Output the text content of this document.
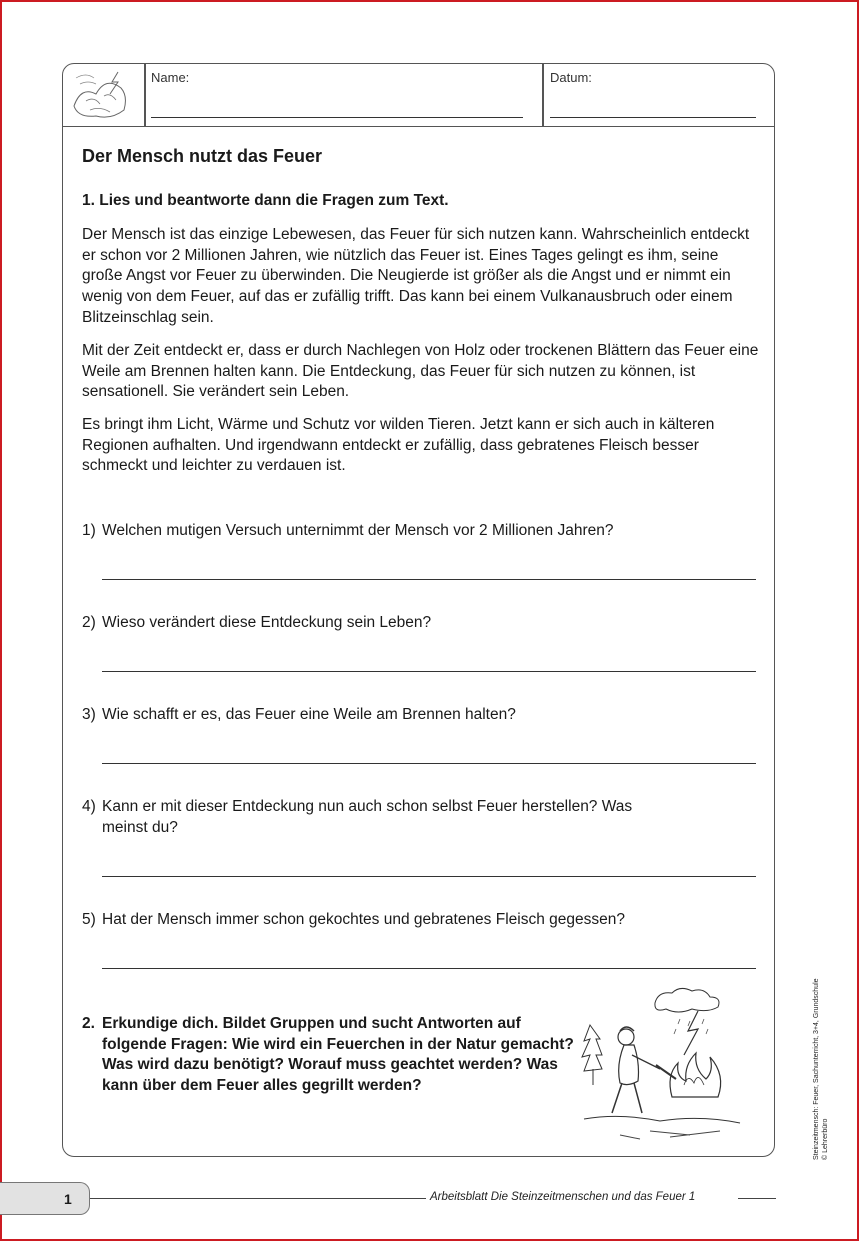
Name:	Datum:
Der Mensch nutzt das Feuer
1. Lies und beantworte dann die Fragen zum Text.
Der Mensch ist das einzige Lebewesen, das Feuer für sich nutzen kann. Wahrscheinlich entdeckt er schon vor 2 Millionen Jahren, wie nützlich das Feuer ist. Eines Tages gelingt es ihm, seine große Angst vor Feuer zu überwinden. Die Neugierde ist größer als die Angst und er nimmt ein wenig von dem Feuer, auf das er zufällig trifft. Das kann bei einem Vulkanausbruch oder einem Blitzeinschlag sein.
Mit der Zeit entdeckt er, dass er durch Nachlegen von Holz oder trockenen Blättern das Feuer eine Weile am Brennen halten kann. Die Entdeckung, das Feuer für sich nutzen zu können, ist sensationell. Sie verändert sein Leben.
Es bringt ihm Licht, Wärme und Schutz vor wilden Tieren. Jetzt kann er sich auch in kälteren Regionen aufhalten. Und irgendwann entdeckt er zufällig, dass gebratenes Fleisch besser schmeckt und leichter zu verdauen ist.
1) Welchen mutigen Versuch unternimmt der Mensch vor 2 Millionen Jahren?
2) Wieso verändert diese Entdeckung sein Leben?
3) Wie schafft er es, das Feuer eine Weile am Brennen halten?
4) Kann er mit dieser Entdeckung nun auch schon selbst Feuer herstellen? Was meinst du?
5) Hat der Mensch immer schon gekochtes und gebratenes Fleisch gegessen?
2. Erkundige dich. Bildet Gruppen und sucht Antworten auf folgende Fragen: Wie wird ein Feuerchen in der Natur gemacht? Was wird dazu benötigt? Worauf muss geachtet werden? Was kann über dem Feuer alles gegrillt werden?	Steinzeitmensch: Feuer, Sachunterricht, 3+4, Grundschule © Lehrerbüro
1	Arbeitsblatt Die Steinzeitmenschen und das Feuer 1
